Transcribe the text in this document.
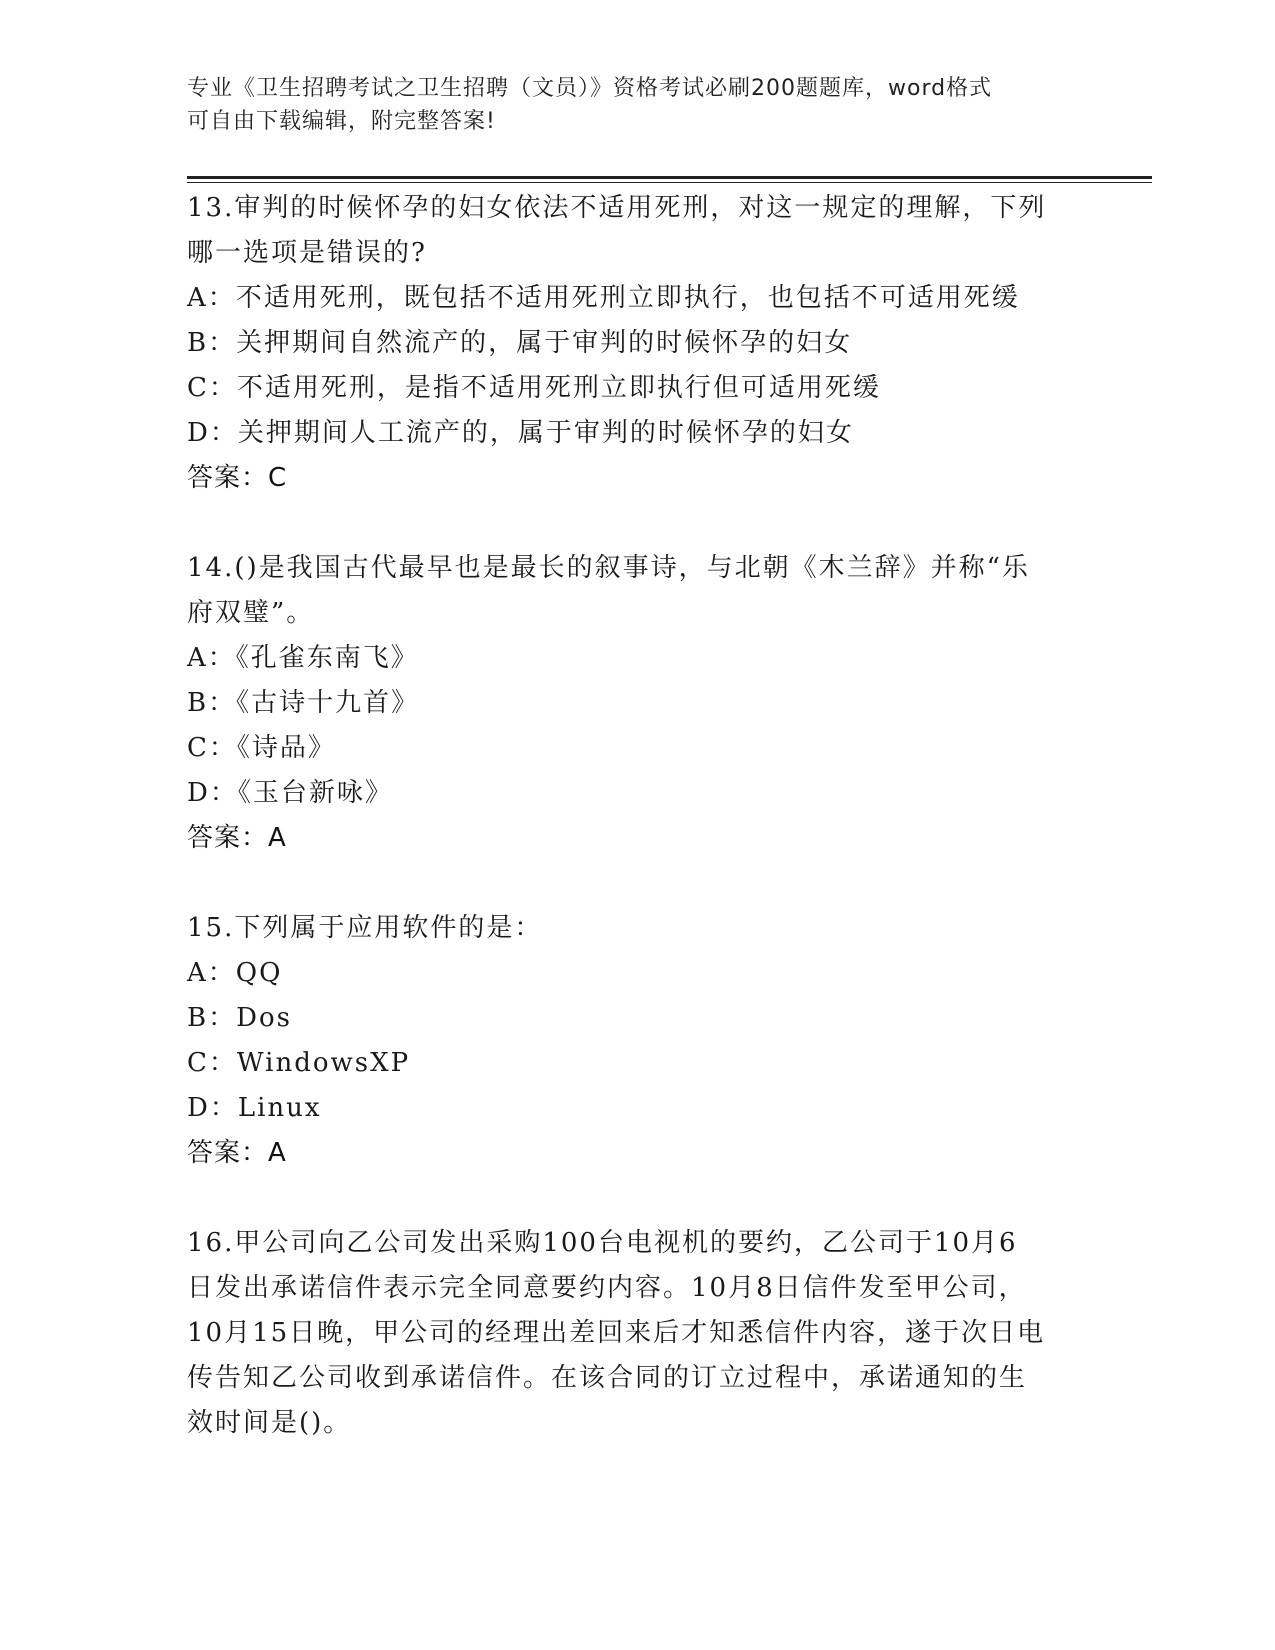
专业《卫生招聘考试之卫生招聘（文员）》资格考试必刷200题题库，word格式
可自由下载编辑，附完整答案!
13.审判的时候怀孕的妇女依法不适用死刑，对这一规定的理解，下列
哪一选项是错误的?
A：不适用死刑，既包括不适用死刑立即执行，也包括不可适用死缓
B：关押期间自然流产的，属于审判的时候怀孕的妇女
C：不适用死刑，是指不适用死刑立即执行但可适用死缓
D：关押期间人工流产的，属于审判的时候怀孕的妇女
答案：C
14.()是我国古代最早也是最长的叙事诗，与北朝《木兰辞》并称“乐
府双璧”。
A：《孔雀东南飞》
B：《古诗十九首》
C：《诗品》
D：《玉台新咏》
答案：A
15.下列属于应用软件的是：
A：QQ
B：Dos
C：WindowsXP
D：Linux
答案：A
16.甲公司向乙公司发出采购100台电视机的要约，乙公司于10月6
日发出承诺信件表示完全同意要约内容。10月8日信件发至甲公司，
10月15日晚，甲公司的经理出差回来后才知悉信件内容，遂于次日电
传告知乙公司收到承诺信件。在该合同的订立过程中，承诺通知的生
效时间是()。
